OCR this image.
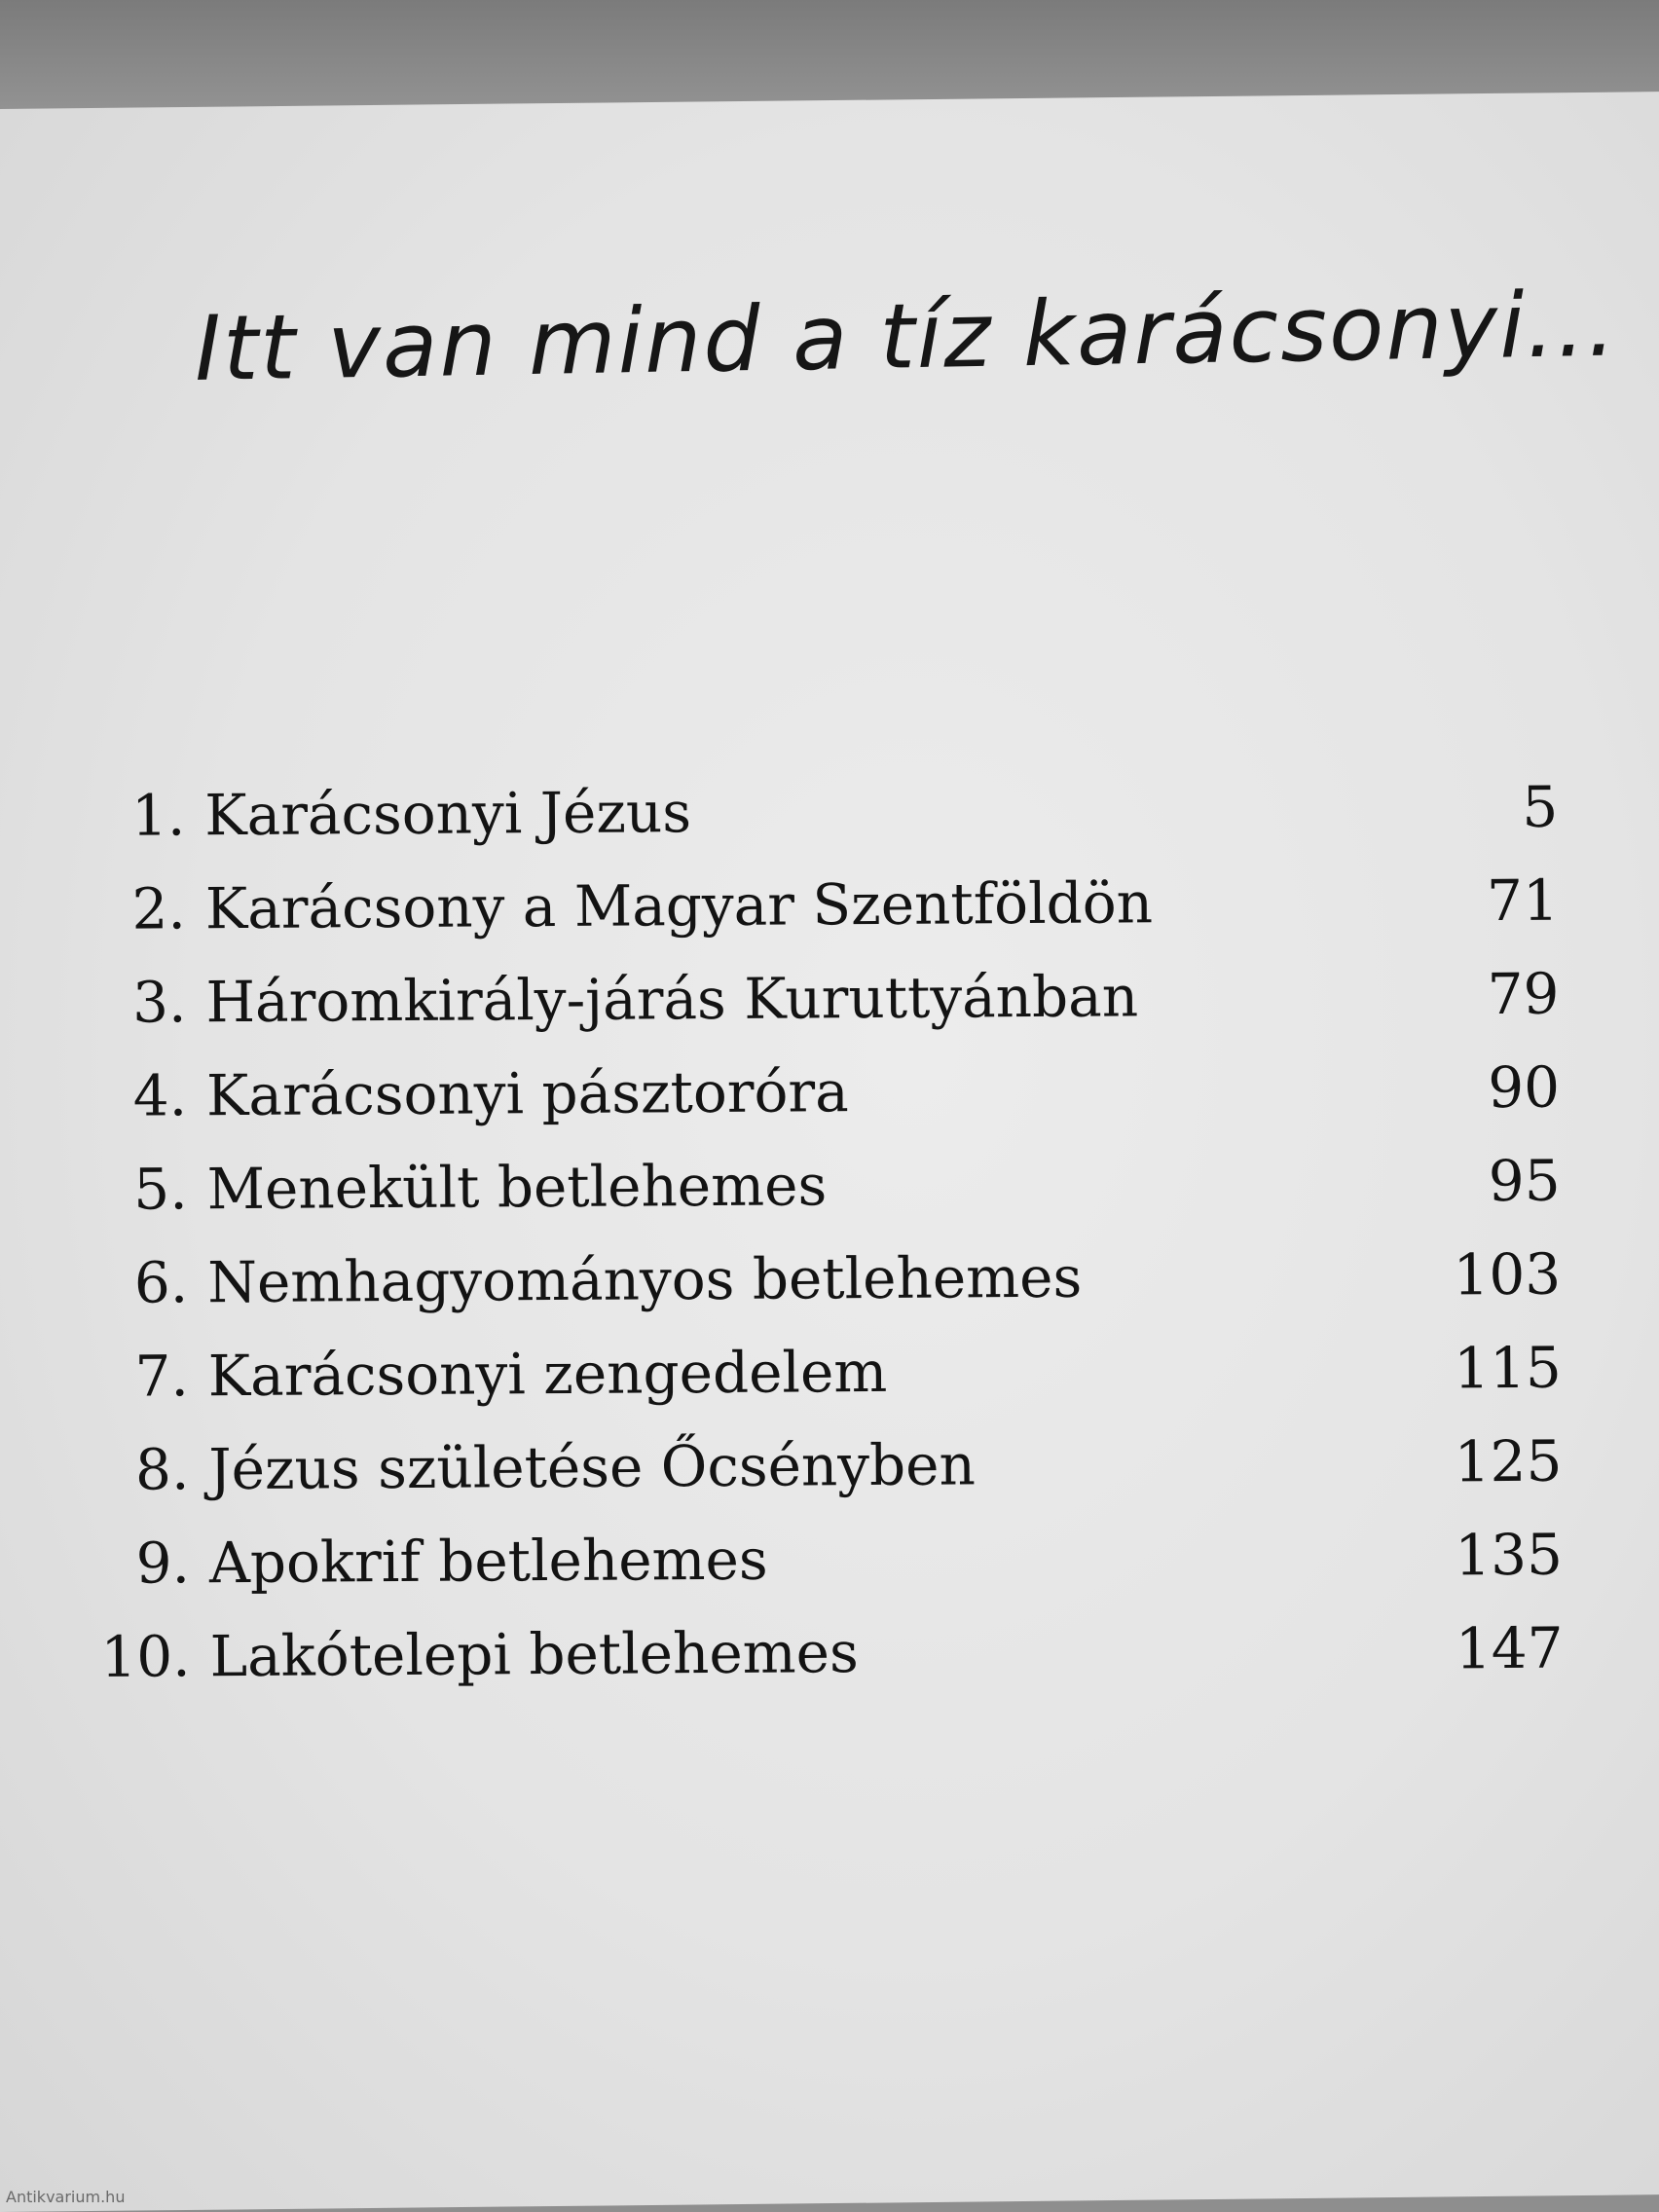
Itt van mind a tíz karácsonyi...
1. Karácsonyi Jézus	5
2. Karácsony a Magyar Szentföldön	71
3. Háromkirály-járás Kuruttyánban	79
4. Karácsonyi pásztoróra	90
5. Menekült betlehemes	95
6. Nemhagyományos betlehemes	103
7. Karácsonyi zengedelem	115
8. Jézus születése Őcsényben	125
9. Apokrif betlehemes	135
10. Lakótelepi betlehemes	147
Antikvarium.hu
